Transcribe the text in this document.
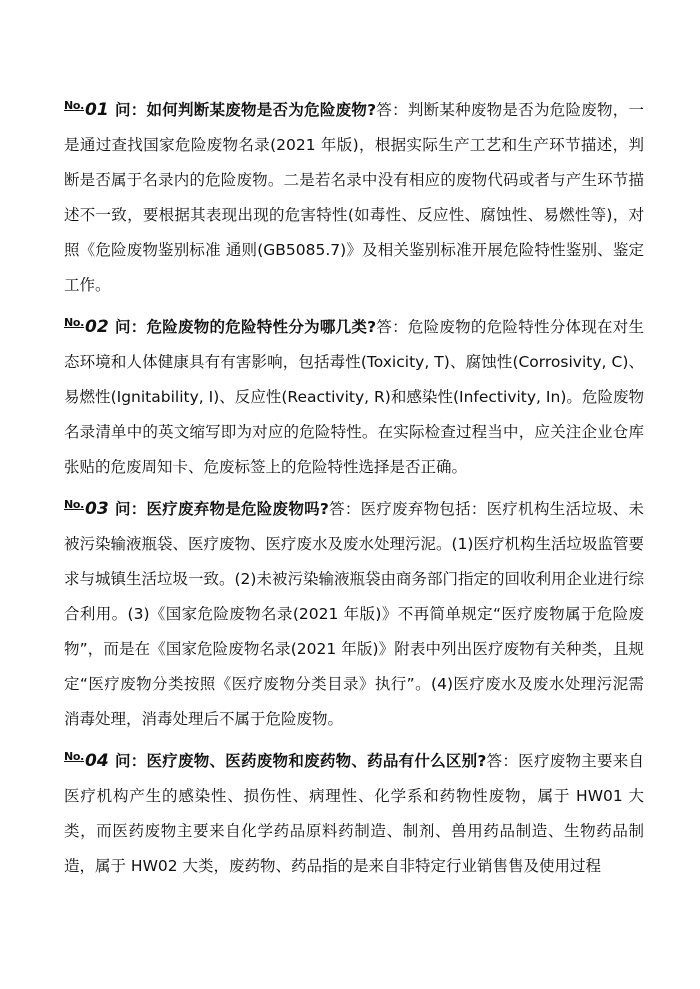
$^{No.}$01 问：如何判断某废物是否为危险废物?答：判断某种废物是否为危险废物，一是通过查找国家危险废物名录(2021 年版)，根据实际生产工艺和生产环节描述，判断是否属于名录内的危险废物。二是若名录中没有相应的废物代码或者与产生环节描述不一致，要根据其表现出现的危害特性(如毒性、反应性、腐蚀性、易燃性等)，对照《危险废物鉴别标准 通则(GB5085.7)》及相关鉴别标准开展危险特性鉴别、鉴定工作。

$^{No.}$02 问：危险废物的危险特性分为哪几类?答：危险废物的危险特性分体现在对生态环境和人体健康具有有害影响，包括毒性(Toxicity, T)、腐蚀性(Corrosivity, C)、易燃性(Ignitability, I)、反应性(Reactivity, R)和感染性(Infectivity, In)。危险废物名录清单中的英文缩写即为对应的危险特性。在实际检查过程当中，应关注企业仓库张贴的危废周知卡、危废标签上的危险特性选择是否正确。

$^{No.}$03 问：医疗废弃物是危险废物吗?答：医疗废弃物包括：医疗机构生活垃圾、未被污染输液瓶袋、医疗废物、医疗废水及废水处理污泥。(1)医疗机构生活垃圾监管要求与城镇生活垃圾一致。(2)未被污染输液瓶袋由商务部门指定的回收利用企业进行综合利用。(3)《国家危险废物名录(2021 年版)》不再简单规定“医疗废物属于危险废物”，而是在《国家危险废物名录(2021 年版)》附表中列出医疗废物有关种类，且规定“医疗废物分类按照《医疗废物分类目录》执行”。(4)医疗废水及废水处理污泥需消毒处理，消毒处理后不属于危险废物。

$^{No.}$04 问：医疗废物、医药废物和废药物、药品有什么区别?答：医疗废物主要来自医疗机构产生的感染性、损伤性、病理性、化学系和药物性废物，属于 HW01 大类，而医药废物主要来自化学药品原料药制造、制剂、兽用药品制造、生物药品制造，属于 HW02 大类，废药物、药品指的是来自非特定行业销售售及使用过程
